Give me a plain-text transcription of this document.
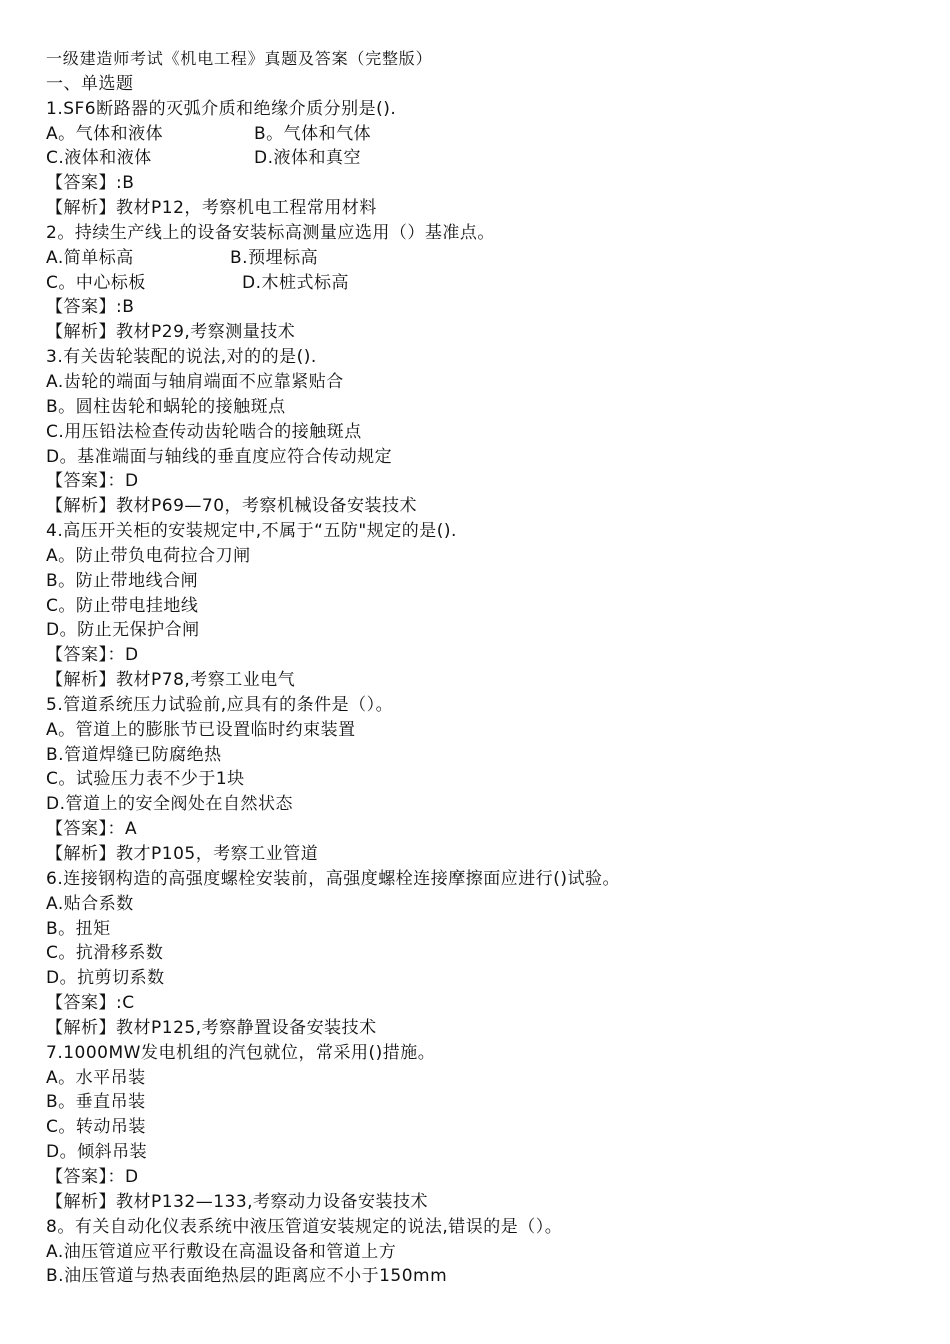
一级建造师考试《机电工程》真题及答案（完整版）
一、单选题
1.SF6断路器的灭弧介质和绝缘介质分别是().
A。气体和液体	B。气体和气体
C.液体和液体	D.液体和真空
【答案】:B
【解析】教材P12，考察机电工程常用材料
2。持续生产线上的设备安装标高测量应选用（）基准点。
A.简单标高	B.预埋标高
C。中心标板	D.木桩式标高
【答案】:B
【解析】教材P29,考察测量技术
3.有关齿轮装配的说法,对的的是().
A.齿轮的端面与轴肩端面不应靠紧贴合
B。圆柱齿轮和蜗轮的接触斑点
C.用压铅法检查传动齿轮啮合的接触斑点
D。基准端面与轴线的垂直度应符合传动规定
【答案】：D
【解析】教材P69—70，考察机械设备安装技术
4.高压开关柜的安装规定中,不属于“五防"规定的是().
A。防止带负电荷拉合刀闸
B。防止带地线合闸
C。防止带电挂地线
D。防止无保护合闸
【答案】：D
【解析】教材P78,考察工业电气
5.管道系统压力试验前,应具有的条件是（）。
A。管道上的膨胀节已设置临时约束装置
B.管道焊缝已防腐绝热
C。试验压力表不少于1块
D.管道上的安全阀处在自然状态
【答案】：A
【解析】教才P105，考察工业管道
6.连接钢构造的高强度螺栓安装前，高强度螺栓连接摩擦面应进行()试验。
A.贴合系数
B。扭矩
C。抗滑移系数
D。抗剪切系数
【答案】:C
【解析】教材P125,考察静置设备安装技术
7.1000MW发电机组的汽包就位，常采用()措施。
A。水平吊装
B。垂直吊装
C。转动吊装
D。倾斜吊装
【答案】：D
【解析】教材P132—133,考察动力设备安装技术
8。有关自动化仪表系统中液压管道安装规定的说法,错误的是（）。
A.油压管道应平行敷设在高温设备和管道上方
B.油压管道与热表面绝热层的距离应不小于150mm
